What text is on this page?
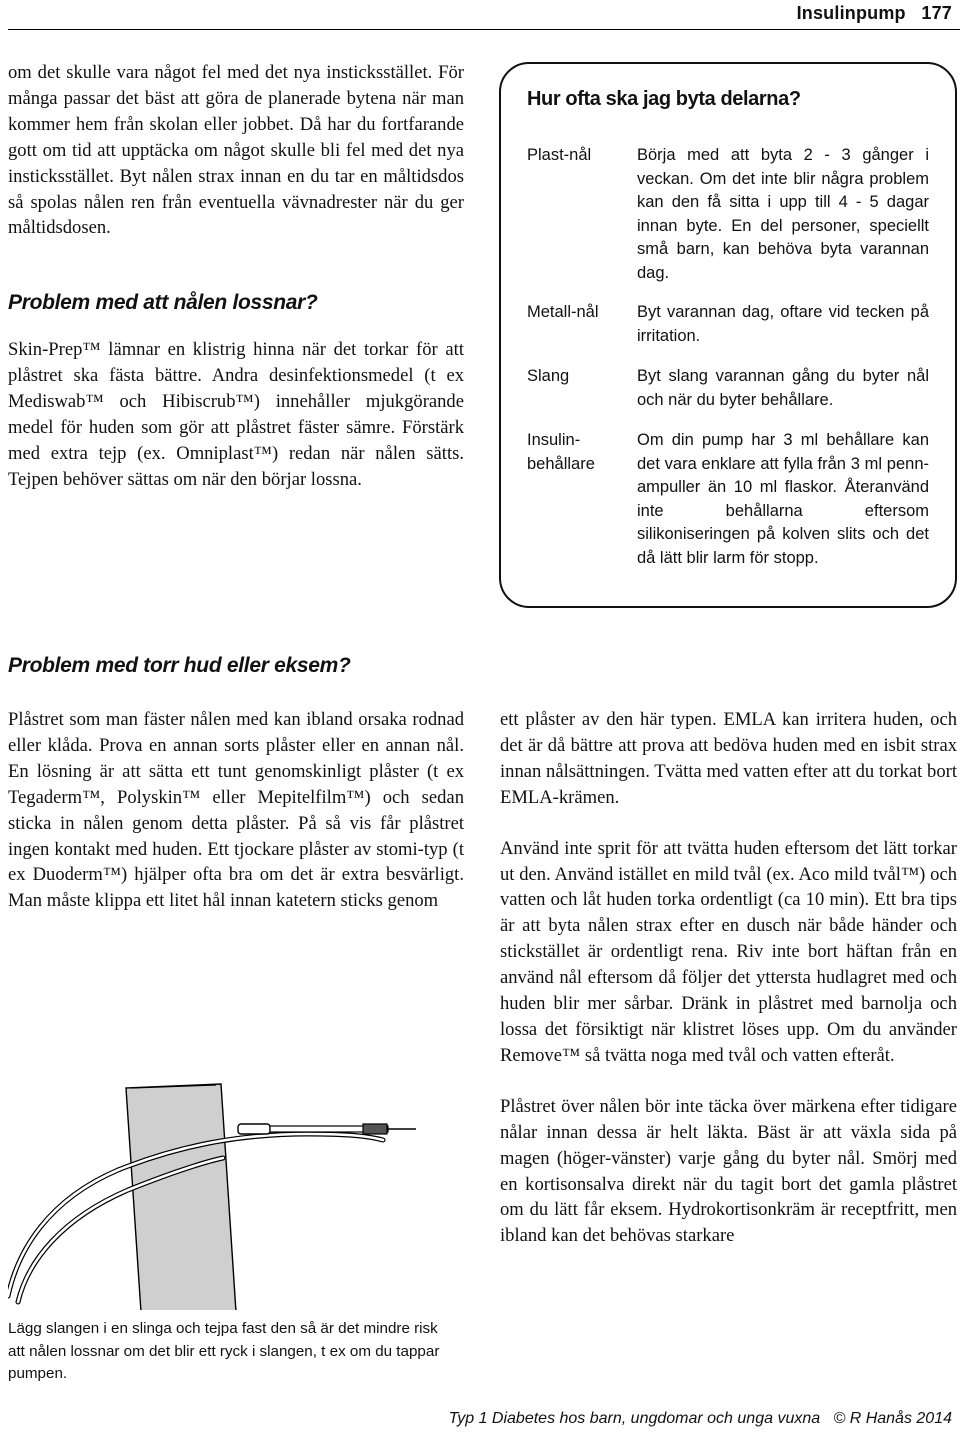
Insulinpump   177

om det skulle vara något fel med det nya insticksstället. För många passar det bäst att göra de planerade bytena när man kommer hem från skolan eller jobbet. Då har du fortfarande gott om tid att upptäcka om något skulle bli fel med det nya insticksstället. Byt nålen strax innan en du tar en måltidsdos så spolas nålen ren från eventuella vävnadrester när du ger måltidsdosen.

Problem med att nålen lossnar?

Skin-Prep™ lämnar en klistrig hinna när det torkar för att plåstret ska fästa bättre. Andra desinfektionsmedel (t ex Mediswab™ och Hibiscrub™) innehåller mjukgörande medel för huden som gör att plåstret fäster sämre. Förstärk med extra tejp (ex. Omniplast™) redan när nålen sätts. Tejpen behöver sättas om när den börjar lossna.

Hur ofta ska jag byta delarna?
Plast-nål	Börja med att byta 2 - 3 gånger i veckan. Om det inte blir några problem kan den få sitta i upp till 4 - 5 dagar innan byte. En del personer, speciellt små barn, kan behöva byta varannan dag.

Metall-nål	Byt varannan dag, oftare vid tecken på irritation.

Slang	Byt slang varannan gång du byter nål och när du byter behållare.

Insulin-
behållare

Om din pump har 3 ml behållare kan det vara enklare att fylla från 3 ml penn-ampuller än 10 ml flaskor. Återanvänd inte behållarna eftersom silikoniseringen på kolven slits och det då lätt blir larm för stopp.

Problem med torr hud eller eksem?

Plåstret som man fäster nålen med kan ibland orsaka rodnad eller klåda. Prova en annan sorts plåster eller en annan nål. En lösning är att sätta ett tunt genomskinligt plåster (t ex Tegaderm™, Polyskin™ eller Mepitelfilm™) och sedan sticka in nålen genom detta plåster. På så vis får plåstret ingen kontakt med huden. Ett tjockare plåster av stomi-typ (t ex Duoderm™) hjälper ofta bra om det är extra besvärligt. Man måste klippa ett litet hål innan katetern sticks genom

Lägg slangen i en slinga och tejpa fast den så är det mindre risk att nålen lossnar om det blir ett ryck i slangen, t ex om du tappar pumpen.

ett plåster av den här typen. EMLA kan irritera huden, och det är då bättre att prova att bedöva huden med en isbit strax innan nålsättningen. Tvätta med vatten efter att du torkat bort EMLA-krämen.

Använd inte sprit för att tvätta huden eftersom det lätt torkar ut den. Använd istället en mild tvål (ex. Aco mild tvål™) och vatten och låt huden torka ordentligt (ca 10 min). Ett bra tips är att byta nålen strax efter en dusch när både händer och stickstället är ordentligt rena. Riv inte bort häftan från en använd nål eftersom då följer det yttersta hudlagret med och huden blir mer sårbar. Dränk in plåstret med barnolja och lossa det försiktigt när klistret löses upp. Om du använder Remove™ så tvätta noga med tvål och vatten efteråt.

Plåstret över nålen bör inte täcka över märkena efter tidigare nålar innan dessa är helt läkta. Bäst är att växla sida på magen (höger-vänster) varje gång du byter nål. Smörj med en kortisonsalva direkt när du tagit bort det gamla plåstret om du lätt får eksem. Hydrokortisonkräm är receptfritt, men ibland kan det behövas starkare

Typ 1 Diabetes hos barn, ungdomar och unga vuxna   © R Hanås 2014
